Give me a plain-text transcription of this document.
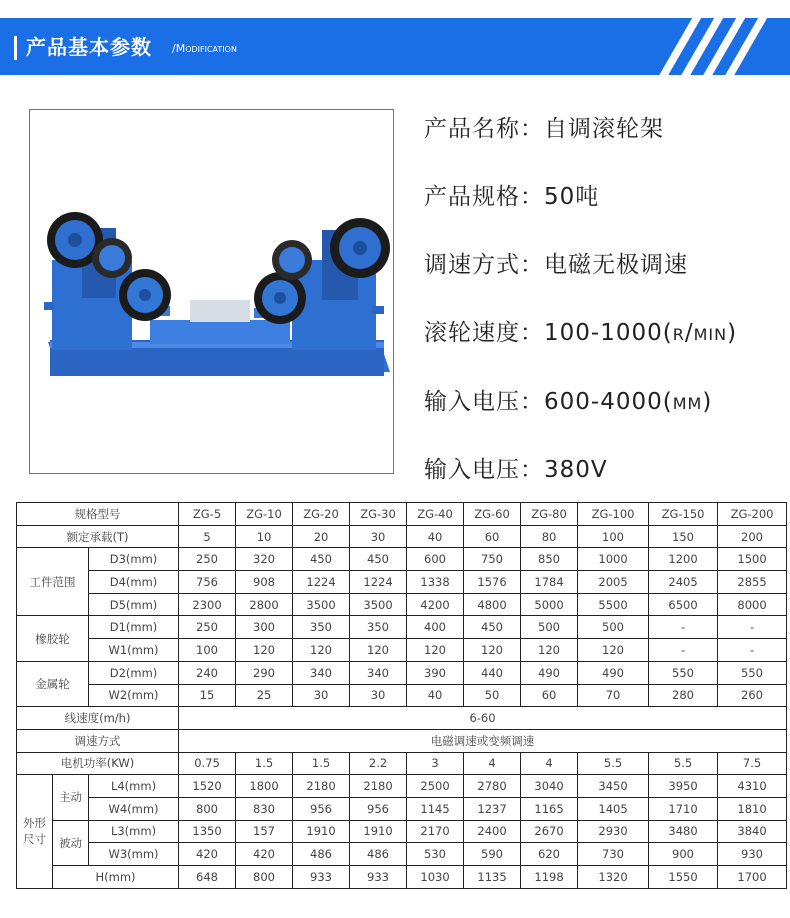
产品基本参数 /Modification
产品名称：自调滚轮架
产品规格：50吨
调速方式：电磁无极调速
滚轮速度：100-1000(r/min)
输入电压：600-4000(mm)
输入电压：380V
规格型号			ZG-5	ZG-10	ZG-20	ZG-30	ZG-40	ZG-60	ZG-80	ZG-100	ZG-150	ZG-200
额定承载(T)			5	10	20	30	40	60	80	100	150	200
工件范围		D3(mm)	250	320	450	450	600	750	850	1000	1200	1500
		D4(mm)	756	908	1224	1224	1338	1576	1784	2005	2405	2855
		D5(mm)	2300	2800	3500	3500	4200	4800	5000	5500	6500	8000
橡胶轮		D1(mm)	250	300	350	350	400	450	500	500	-	-
		W1(mm)	100	120	120	120	120	120	120	120	-	-
金属轮		D2(mm)	240	290	340	340	390	440	490	490	550	550
		W2(mm)	15	25	30	30	40	50	60	70	280	260
线速度(m/h)			6-60									
调速方式			电磁调速或变频调速									
电机功率(KW)			0.75	1.5	1.5	2.2	3	4	4	5.5	5.5	7.5
外形
尺寸	主动	L4(mm)	1520	1800	2180	2180	2500	2780	3040	3450	3950	4310
		W4(mm)	800	830	956	956	1145	1237	1165	1405	1710	1810
	被动	L3(mm)	1350	157	1910	1910	2170	2400	2670	2930	3480	3840
		W3(mm)	420	420	486	486	530	590	620	730	900	930
	H(mm)		648	800	933	933	1030	1135	1198	1320	1550	1700
